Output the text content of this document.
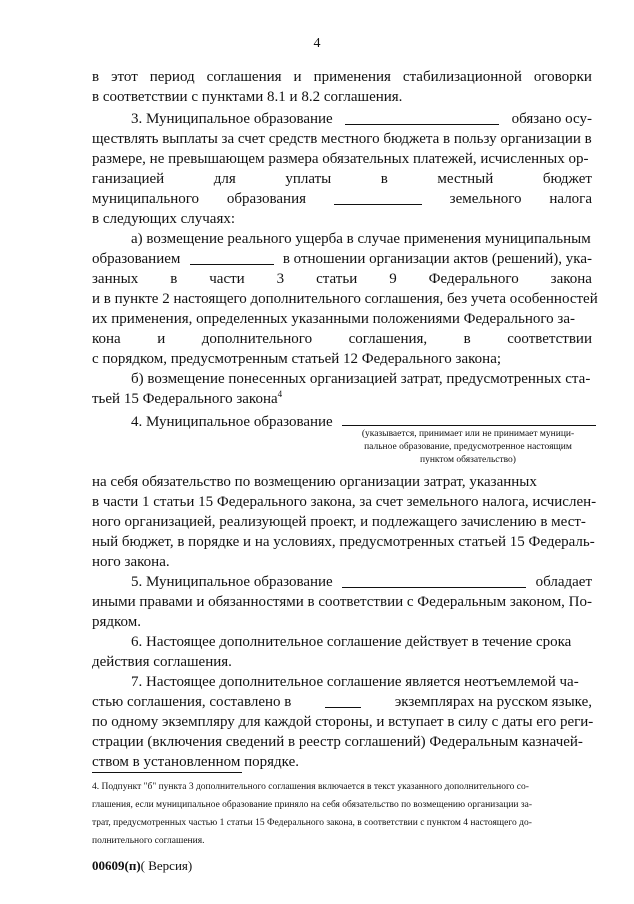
4
в этот период соглашения и применения стабилизационной оговорки
в соответствии с пунктами 8.1 и 8.2 соглашения.
3. Муниципальное образование	обязано осу-
ществлять выплаты за счет средств местного бюджета в пользу организации в
размере, не превышающем размера обязательных платежей, исчисленных ор-
ганизацией	для	уплаты	в	местный	бюджет
муниципального образования	земельного налога
в следующих случаях:
а) возмещение реального ущерба в случае применения муниципальным
образованием	в отношении организации актов (решений), ука-
занных в части 3 статьи 9 Федерального закона
и в пункте 2 настоящего дополнительного соглашения, без учета особенностей
их применения, определенных указанными положениями Федерального за-
кона и дополнительного соглашения, в соответствии
с порядком, предусмотренным статьей 12 Федерального закона;
б) возмещение понесенных организацией затрат, предусмотренных ста-
тьей 15 Федерального закона$^4$
4. Муниципальное образование
(указывается, принимает или не принимает муници-
пальное образование, предусмотренное настоящим
пунктом обязательство)
на себя обязательство по возмещению организации затрат, указанных
в части 1 статьи 15 Федерального закона, за счет земельного налога, исчислен-
ного организацией, реализующей проект, и подлежащего зачислению в мест-
ный бюджет, в порядке и на условиях, предусмотренных статьей 15 Федераль-
ного закона.
5. Муниципальное образование	обладает
иными правами и обязанностями в соответствии с Федеральным законом, По-
рядком.
6. Настоящее дополнительное соглашение действует в течение срока
действия соглашения.
7. Настоящее дополнительное соглашение является неотъемлемой ча-
стью соглашения, составлено в	экземплярах на русском языке,
по одному экземпляру для каждой стороны, и вступает в силу с даты его реги-
страции (включения сведений в реестр соглашений) Федеральным казначей-
ством в установленном порядке.
4. Подпункт "б" пункта 3 дополнительного соглашения включается в текст указанного дополнительного со-
глашения, если муниципальное образование приняло на себя обязательство по возмещению организации за-
трат, предусмотренных частью 1 статьи 15 Федерального закона, в соответствии с пунктом 4 настоящего до-
полнительного соглашения.
00609(п)( Версия)
